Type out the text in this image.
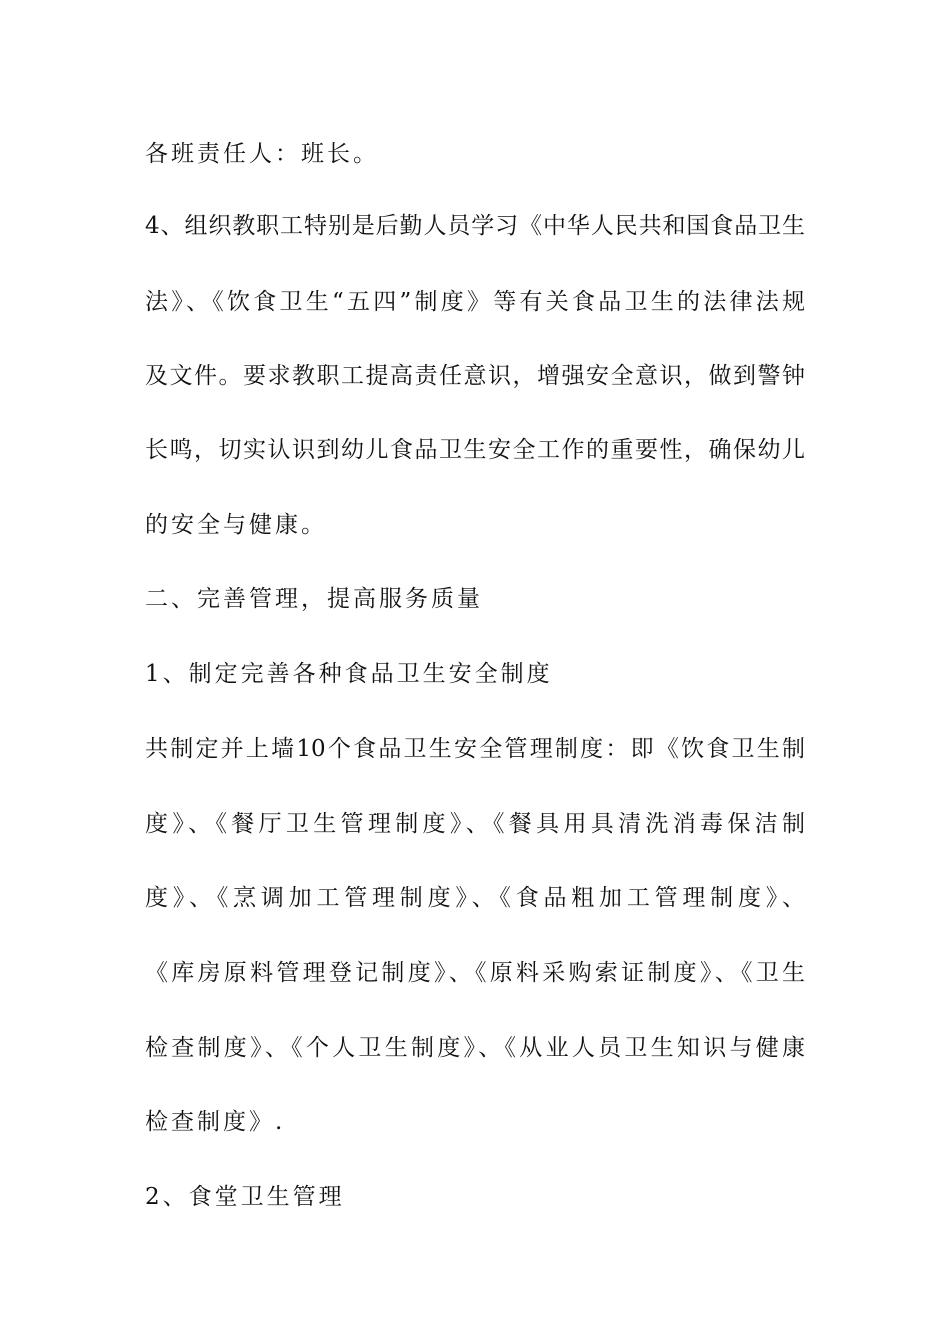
各班责任人：班长。
4、组织教职工特别是后勤人员学习《中华人民共和国食品卫生
法》、《饮食卫生“五四”制度》等有关食品卫生的法律法规
及文件。要求教职工提高责任意识，增强安全意识，做到警钟
长鸣，切实认识到幼儿食品卫生安全工作的重要性，确保幼儿
的安全与健康。
二、完善管理，提高服务质量
1、制定完善各种食品卫生安全制度
共制定并上墙10个食品卫生安全管理制度：即《饮食卫生制
度》、《餐厅卫生管理制度》、《餐具用具清洗消毒保洁制
度》、《烹调加工管理制度》、《食品粗加工管理制度》、
《库房原料管理登记制度》、《原料采购索证制度》、《卫生
检查制度》、《个人卫生制度》、《从业人员卫生知识与健康
检查制度》.
2、食堂卫生管理
